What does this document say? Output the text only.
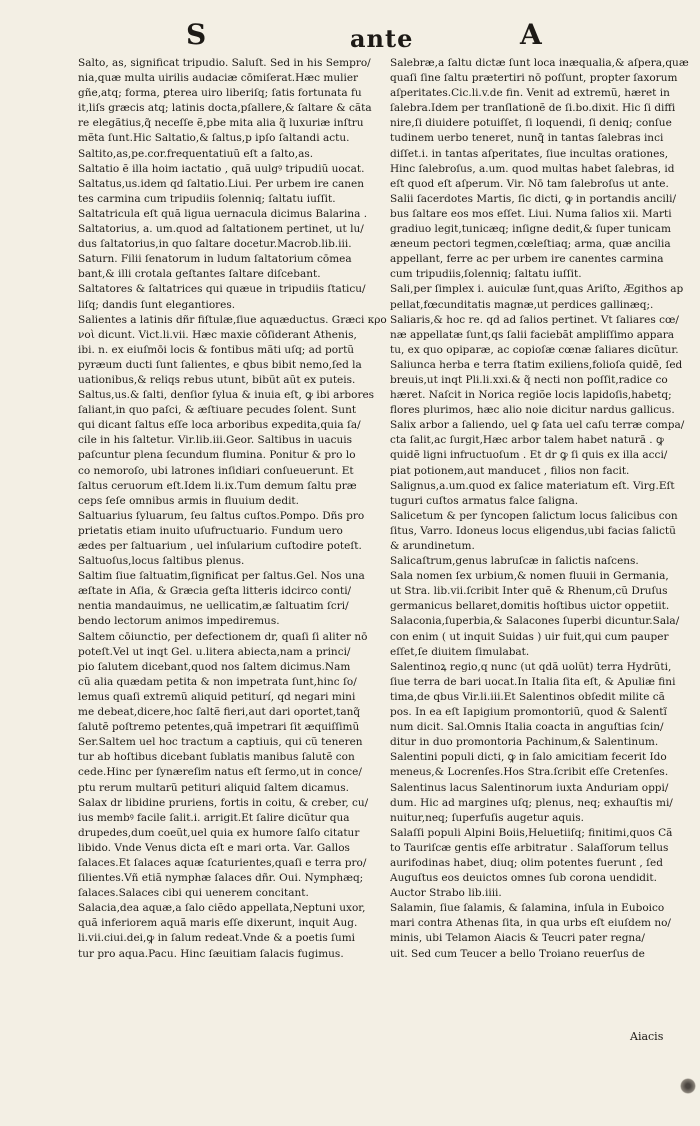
S	ante	A
Salto, as, significat tripudio. Saluſt. Sed in his Sempro/
nia,quæ multa uirilis audaciæ cōmiſerat.Hæc mulier
gñe,atq; forma, ꝑterea uiro liberiſq; ſatis fortunata fu
it,liſs græcis atq; latinis docta,pſallere,& ſaltare & cãta
re elegãtius,q̃ neceſſe ẽ,pbe mita alia q̃ luxuriæ inſtru
mẽta ſunt.Hic Saltatio,& ſaltus,p ipſo ſaltandi actu.
Saltito,as,pe.cor.frequentatiuũ eſt a ſalto,as.
Saltatio ẽ illa hoim iactatio , quã uulgꝰ tripudiũ uocat.
Saltatus,us.idem qd ſaltatio.Liui. Per urbem ire canen
tes carmina cum tripudiis ſolenniq; ſaltatu iuſſit.
Saltatricula eſt quã ligua uernacula dicimus Balarina .
Saltatorius, a. um.quod ad ſaltationem pertinet, ut lu/
dus ſaltatorius,in quo ſaltare docetur.Macrob.lib.iii.
Saturn. Filii ſenatorum in ludum ſaltatorium cōmea
bant,& illi crotala geſtantes ſaltare diſcebant.
Saltatores & ſaltatrices qui quæue in tripudiis ſtaticu/
liſq; dandis ſunt elegantiores.
Salientes a latinis dñr fiſtulæ,ſiue aquæductus. Græci κρο
νοὶ dicunt. Vict.li.vii. Hæc maxie cōſiderant Athenis,
ibi. n. ex eiuſmōi locis & fontibus mãti uſq; ad portũ
pyræum ducti ſunt ſalientes, e qbus bibit nemo,ſed la
uationibus,& reliqs rebus utunt, bibũt aũt ex puteis.
Saltus,us.& ſalti, denſior ſylua & inuia eſt, ꝙ ibi arbores
ſaliant,in quo paſci, & æſtiuare pecudes ſolent. Sunt
qui dicant ſaltus eſſe loca arboribus expedita,quia ſa/
cile in his ſaltetur. Vir.lib.iii.Geor. Saltibus in uacuis
paſcuntur plena ſecundum flumina. Ponitur & pro lo
co nemoroſo, ubi latrones inſidiari conſueuerunt. Et
ſaltus ceruorum eſt.Idem li.ix.Tum demum ſaltu præ
ceps ſeſe omnibus armis in fluuium dedit.
Saltuarius ſyluarum, ſeu ſaltus cuſtos.Pompo. Dñs pro
prietatis etiam inuito uſufructuario. Fundum uero
ædes per ſaltuarium , uel inſularium cuſtodire poteſt.
Saltuoſus,locus ſaltibus plenus.
Saltim ſiue ſaltuatim,ſignificat per ſaltus.Gel. Nos una
æſtate in Aſia, & Græcia geſta litteris idcirco conti/
nentia mandauimus, ne uellicatim,æ ſaltuatim ſcri/
bendo lectorum animos impediremus.
Saltem cōiunctio, per defectionem dr, quaſi ſi aliter nō
poteſt.Vel ut inqt Gel. u.litera abiecta,nam a princi/
pio ſalutem dicebant,quod nos ſaltem dicimus.Nam
cũ alia quædam petita & non impetrata ſunt,hinc ſo/
lemus quaſi extremũ aliquid petiturí, qd negari mini
me debeat,dicere,hoc ſaltẽ fieri,aut dari oportet,tanq̃
ſalutẽ poſtremo petentes,quã impetrari ſit æquiſſimũ
Ser.Saltem uel hoc tractum a captiuis, qui cũ teneren
tur ab hoſtibus dicebant ſublatis manibus ſalutẽ con
cede.Hinc per ſynæreſim natus eſt ſermo,ut in conce/
ptu rerum multarũ petituri aliquid ſaltem dicamus.
Salax dr libidine pruriens, fortis in coitu, & creber, cu/
ius membꝰ facile ſalit.i. arrigit.Et ſalire dicũtur qua
drupedes,dum coeũt,uel quia ex humore ſalſo citatur
libido. Vnde Venus dicta eſt e mari orta. Var. Gallos
ſalaces.Et ſalaces aquæ ſcaturientes,quaſi e terra pro/
ſilientes.Vñ etiã nymphæ ſalaces dñr. Oui. Nymphæq;
ſalaces.Salaces cibi qui uenerem concitant.
Salacia,dea aquæ,a ſalo ciẽdo appellata,Neptuni uxor,
quã inferiorem aquã maris eſſe dixerunt, inquit Aug.
li.vii.ciui.dei,ꝙ in ſalum redeat.Vnde & a poetis ſumi
tur pro aqua.Pacu. Hinc ſæuitiam ſalacis fugimus.
Salebræ,a ſaltu dictæ ſunt loca inæqualia,& aſpera,quæ
quaſi ſine ſaltu prætertiri nō poſſunt, propter ſaxorum
aſperitates.Cic.li.v.de fin. Venit ad extremũ, hæret in
ſalebra.Idem per tranſlationẽ de ſi.bo.dixit. Hic ſi diffi
nire,ſi diuidere potuiſſet, ſi loquendi, ſi deniq; conſue
tudinem uerbo teneret, nunq̃ in tantas ſalebras inci
diſſet.i. in tantas aſperitates, ſiue incultas orationes,
Hinc ſalebroſus, a.um. quod multas habet ſalebras, id
eſt quod eſt aſperum. Vir. Nō tam ſalebroſus ut ante.
Salii ſacerdotes Martis, ſic dicti, ꝙ in portandis ancili/
bus ſaltare eos mos eſſet. Liui. Numa ſalios xii. Marti
gradiuo legit,tunicæq; inſigne dedit,& ſuper tunicam
æneum pectori tegmen,cœleſtiaq; arma, quæ ancilia
appellant, ferre ac per urbem ire canentes carmina
cum tripudiis,ſolenniq; ſaltatu iuſſit.
Sali,per ſimplex i. auiculæ ſunt,quas Ariſto, Ægithos ap
pellat,fœcunditatis magnæ,ut perdices gallinæq;.
Saliaris,& hoc re. qd ad ſalios pertinet. Vt ſaliares cœ/
næ appellatæ ſunt,qs ſalii faciebãt ampliſſimo appara
tu, ex quo opiparæ, ac copioſæ cœnæ ſaliares dicũtur.
Saliunca herba e terra ſtatim exiliens,folioſa quidẽ, ſed
breuis,ut inqt Pli.li.xxi.& q̃ necti non poſſit,radice co
hæret. Naſcit in Norica regiõe locis lapidoſis,habetq;
flores plurimos, hæc alio noie dicitur nardus gallicus.
Salix arbor a ſaliendo, uel ꝙ ſata uel caſu terræ compa/
cta ſalit,ac ſurgit,Hæc arbor talem habet naturã . ꝙ
quidẽ ligni infructuoſum . Et dr ꝙ ſi quis ex illa acci/
piat potionem,aut manducet , filios non facit.
Salignus,a.um.quod ex ſalice materiatum eſt. Virg.Eſt
tuguri cuſtos armatus falce ſaligna.
Salicetum & per ſyncopen ſalictum locus ſalicibus con
ſitus, Varro. Idoneus locus eligendus,ubi facias ſalictũ
& arundinetum.
Salicaſtrum,genus labruſcæ in ſalictis naſcens.
Sala nomen ſex urbium,& nomen fluuii in Germania,
ut Stra. lib.vii.ſcribit Inter quẽ & Rhenum,cũ Druſus
germanicus bellaret,domitis hoſtibus uictor oppetiit.
Salaconia,ſuperbia,& Salacones ſuperbi dicuntur.Sala/
con enim ( ut inquit Suidas ) uir fuit,qui cum pauper
eſſet,ſe diuitem ſimulabat.
Salentinoꝝ regio,q nunc (ut qdã uolũt) terra Hydrũti,
ſiue terra de bari uocat.In Italia ſita eſt, & Apuliæ fini
tima,de qbus Vir.li.iii.Et Salentinos obſedit milite cã
pos. In ea eſt Iapigium promontoriũ, quod & Salentĩ
num dicit. Sal.Omnis Italia coacta in anguſtias ſcin/
ditur in duo promontoria Pachinum,& Salentinum.
Salentini populi dicti, ꝙ in ſalo amicitiam fecerit Ido
meneus,& Locrenſes.Hos Stra.ſcribit eſſe Cretenſes.
Salentinus lacus Salentinorum iuxta Anduriam oppi/
dum. Hic ad margines uſq; plenus, neq; exhauſtis mi/
nuitur,neq; ſuperfuſis augetur aquis.
Salaſſi populi Alpini Boiis,Heluetiiſq; finitimi,quos Cã
to Tauriſcæ gentis eſſe arbitratur . Salaſſorum tellus
aurifodinas habet, diuq; olim potentes fuerunt , ſed
Auguſtus eos deuictos omnes ſub corona uendidit.
Auctor Strabo lib.iiii.
Salamin, ſiue ſalamis, & ſalamina, inſula in Euboico
mari contra Athenas ſita, in qua urbs eſt eiuſdem no/
minis, ubi Telamon Aiacis & Teucri pater regna/
uit. Sed cum Teucer a bello Troiano reuerſus de
Aiacis
